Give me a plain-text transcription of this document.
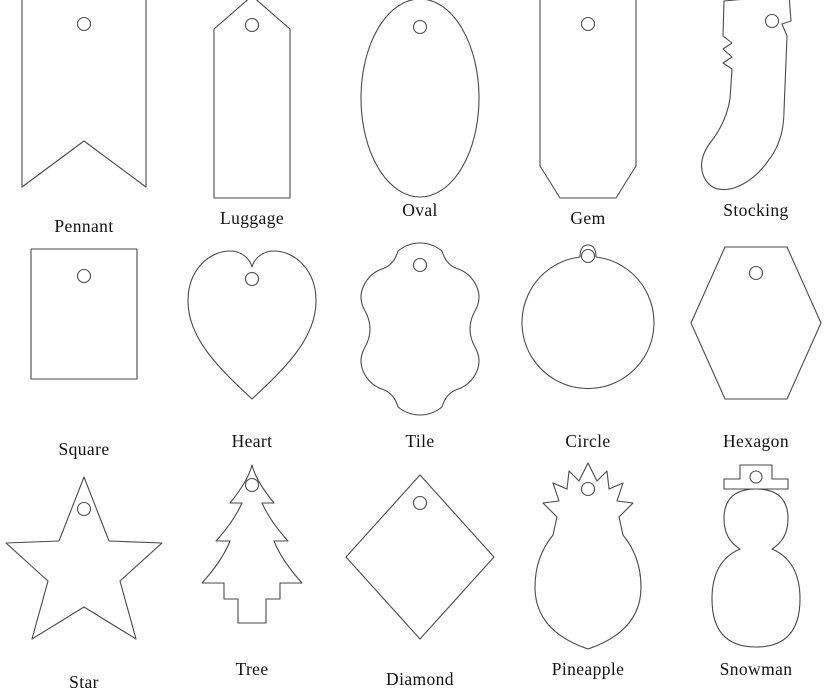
Pennant	Luggage	Oval	Gem	Stocking
Square	Heart	Tile	Circle	Hexagon
Star
Tree	Diamond	Pineapple	Snowman
